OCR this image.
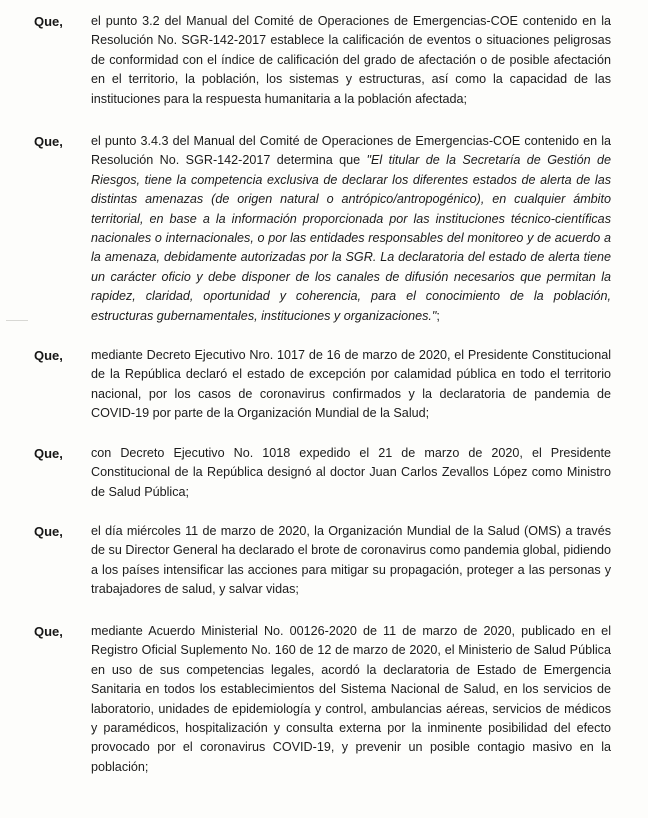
Que, el punto 3.2 del Manual del Comité de Operaciones de Emergencias-COE contenido en la Resolución No. SGR-142-2017 establece la calificación de eventos o situaciones peligrosas de conformidad con el índice de calificación del grado de afectación o de posible afectación en el territorio, la población, los sistemas y estructuras, así como la capacidad de las instituciones para la respuesta humanitaria a la población afectada;
Que, el punto 3.4.3 del Manual del Comité de Operaciones de Emergencias-COE contenido en la Resolución No. SGR-142-2017 determina que "El titular de la Secretaría de Gestión de Riesgos, tiene la competencia exclusiva de declarar los diferentes estados de alerta de las distintas amenazas (de origen natural o antrópico/antropogénico), en cualquier ámbito territorial, en base a la información proporcionada por las instituciones técnico-científicas nacionales o internacionales, o por las entidades responsables del monitoreo y de acuerdo a la amenaza, debidamente autorizadas por la SGR. La declaratoria del estado de alerta tiene un carácter oficio y debe disponer de los canales de difusión necesarios que permitan la rapidez, claridad, oportunidad y coherencia, para el conocimiento de la población, estructuras gubernamentales, instituciones y organizaciones.";
Que, mediante Decreto Ejecutivo Nro. 1017 de 16 de marzo de 2020, el Presidente Constitucional de la República declaró el estado de excepción por calamidad pública en todo el territorio nacional, por los casos de coronavirus confirmados y la declaratoria de pandemia de COVID-19 por parte de la Organización Mundial de la Salud;
Que, con Decreto Ejecutivo No. 1018 expedido el 21 de marzo de 2020, el Presidente Constitucional de la República designó al doctor Juan Carlos Zevallos López como Ministro de Salud Pública;
Que, el día miércoles 11 de marzo de 2020, la Organización Mundial de la Salud (OMS) a través de su Director General ha declarado el brote de coronavirus como pandemia global, pidiendo a los países intensificar las acciones para mitigar su propagación, proteger a las personas y trabajadores de salud, y salvar vidas;
Que, mediante Acuerdo Ministerial No. 00126-2020 de 11 de marzo de 2020, publicado en el Registro Oficial Suplemento No. 160 de 12 de marzo de 2020, el Ministerio de Salud Pública en uso de sus competencias legales, acordó la declaratoria de Estado de Emergencia Sanitaria en todos los establecimientos del Sistema Nacional de Salud, en los servicios de laboratorio, unidades de epidemiología y control, ambulancias aéreas, servicios de médicos y paramédicos, hospitalización y consulta externa por la inminente posibilidad del efecto provocado por el coronavirus COVID-19, y prevenir un posible contagio masivo en la población;
